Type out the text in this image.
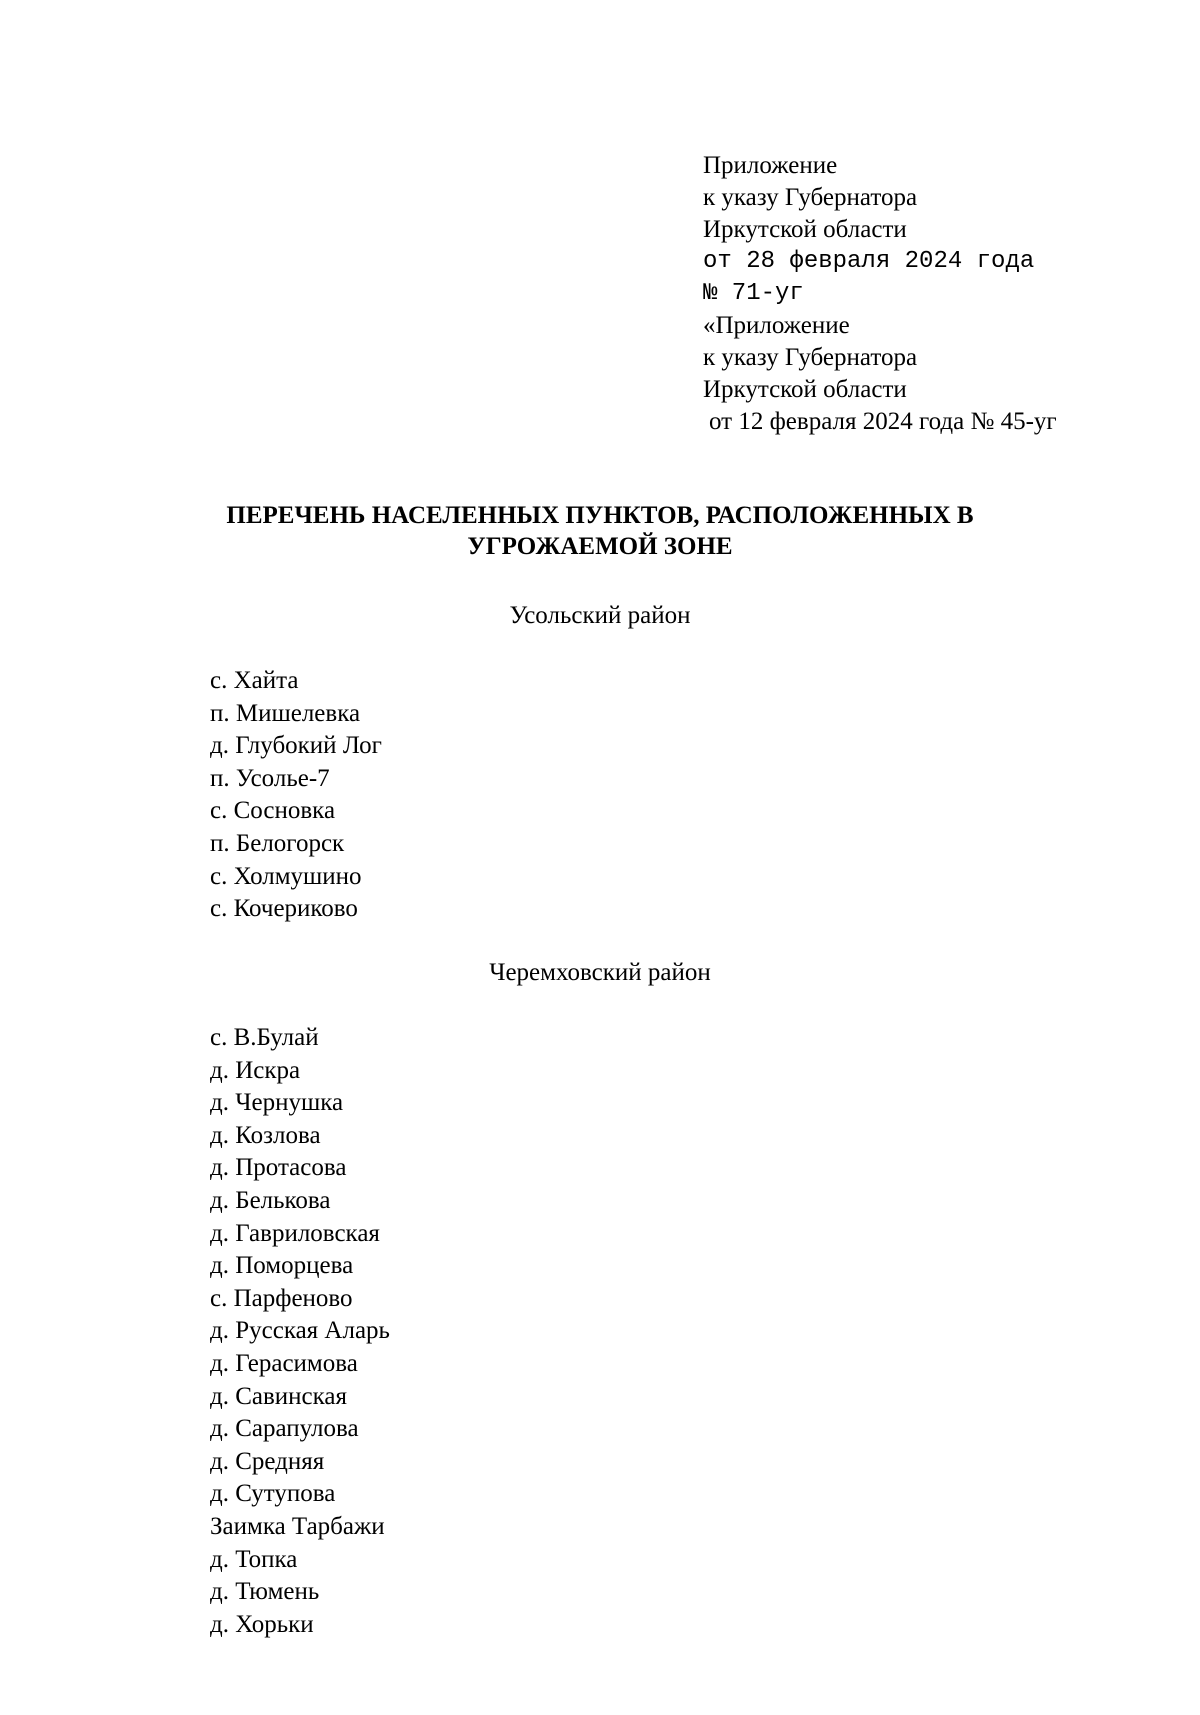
Приложение
к указу Губернатора
Иркутской области
от 28 февраля 2024 года
№ 71-уг
«Приложение
к указу Губернатора
Иркутской области
от 12 февраля 2024 года № 45-уг
ПЕРЕЧЕНЬ НАСЕЛЕННЫХ ПУНКТОВ, РАСПОЛОЖЕННЫХ В УГРОЖАЕМОЙ ЗОНЕ
Усольский район
с. Хайта
п. Мишелевка
д. Глубокий Лог
п. Усолье-7
с. Сосновка
п. Белогорск
с. Холмушино
с. Кочериково
Черемховский район
с. В.Булай
д. Искра
д. Чернушка
д. Козлова
д. Протасова
д. Белькова
д. Гавриловская
д. Поморцева
с. Парфеново
д. Русская Аларь
д. Герасимова
д. Савинская
д. Сарапулова
д. Средняя
д. Сутупова
Заимка Тарбажи
д. Топка
д. Тюмень
д. Хорьки
